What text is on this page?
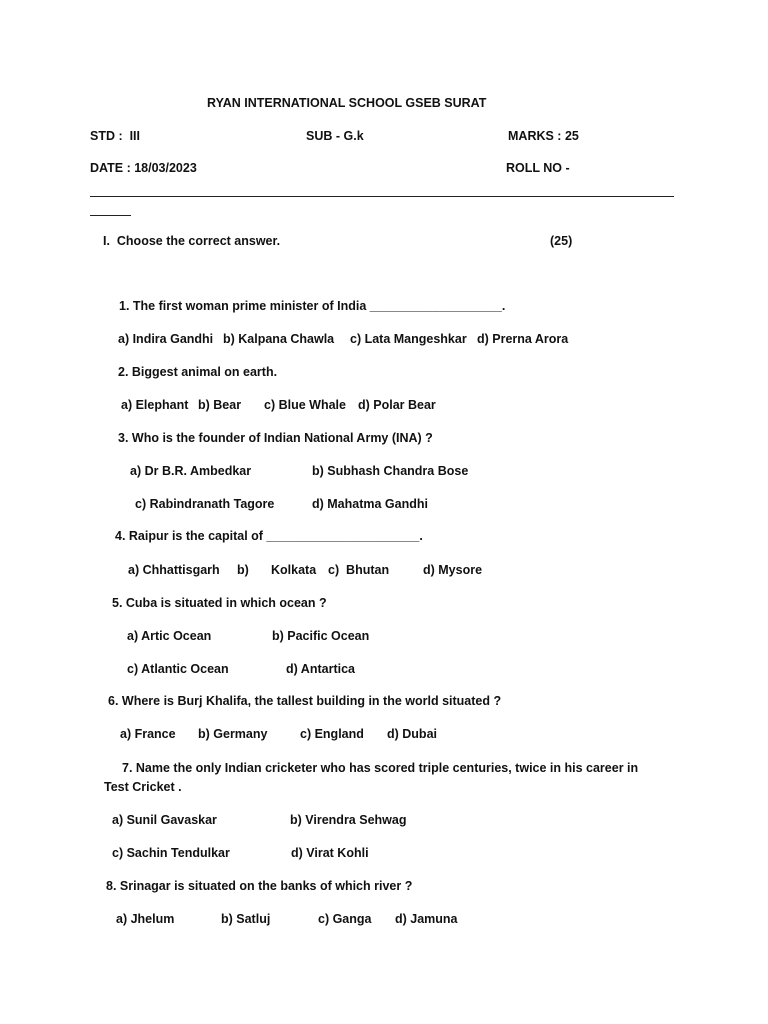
RYAN INTERNATIONAL SCHOOL GSEB SURAT
STD :  III	SUB - G.k	MARKS : 25
DATE : 18/03/2023	ROLL NO -
I.  Choose the correct answer.	(25)
1. The first woman prime minister of India ___________________.
a) Indira Gandhi b) Kalpana Chawla c) Lata Mangeshkar d) Prerna Arora
2. Biggest animal on earth.
a) Elephant b) Bear c) Blue Whale d) Polar Bear
3. Who is the founder of Indian National Army (INA) ?
a) Dr B.R. Ambedkar	b) Subhash Chandra Bose
c) Rabindranath Tagore	d) Mahatma Gandhi
4. Raipur is the capital of ______________________.
a) Chhattisgarh b) Kolkata c)  Bhutan	d) Mysore
5. Cuba is situated in which ocean ?
a) Artic Ocean	b) Pacific Ocean
c) Atlantic Ocean	d) Antartica
6. Where is Burj Khalifa, the tallest building in the world situated ?
a) France b) Germany	c) England d) Dubai
7. Name the only Indian cricketer who has scored triple centuries, twice in his career in
Test Cricket .
a) Sunil Gavaskar	b) Virendra Sehwag
c) Sachin Tendulkar	d) Virat Kohli
8. Srinagar is situated on the banks of which river ?
a) Jhelum	b) Satluj	c) Ganga d) Jamuna
